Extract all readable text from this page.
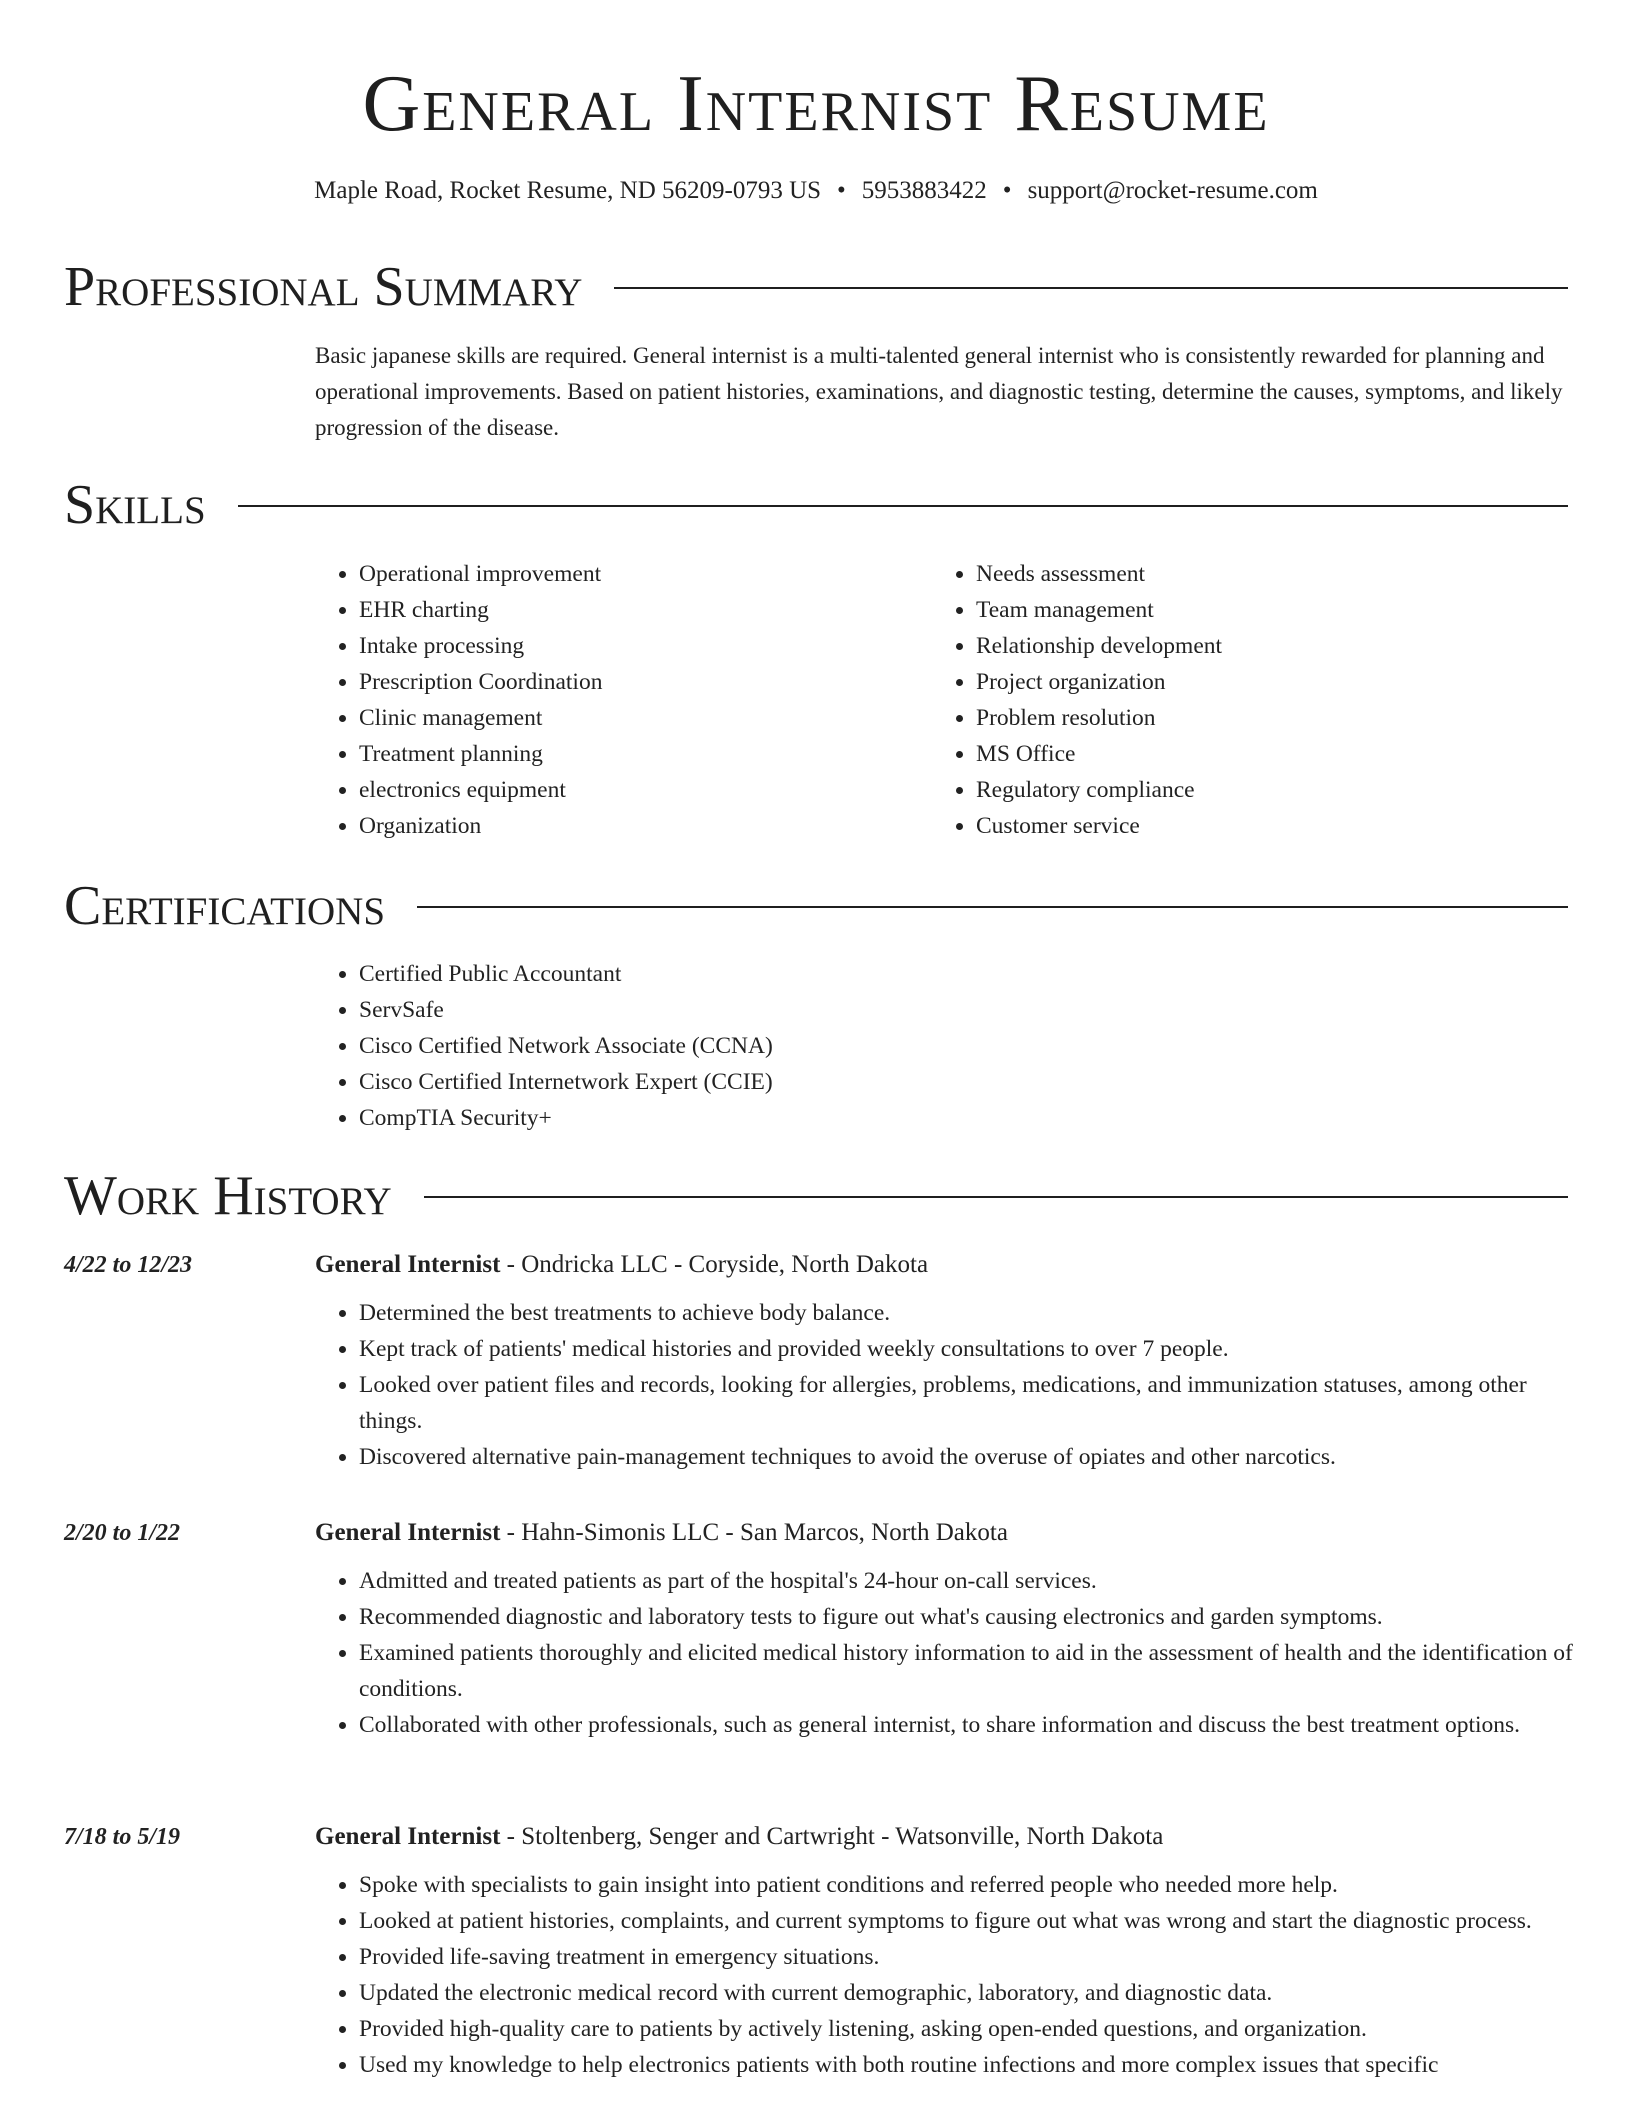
General Internist Resume
Maple Road, Rocket Resume, ND 56209-0793 US • 5953883422 • support@rocket-resume.com
Professional Summary
Basic japanese skills are required. General internist is a multi-talented general internist who is consistently rewarded for planning and operational improvements. Based on patient histories, examinations, and diagnostic testing, determine the causes, symptoms, and likely progression of the disease.
Skills
• Operational improvement
• EHR charting
• Intake processing
• Prescription Coordination
• Clinic management
• Treatment planning
• electronics equipment
• Organization
• Needs assessment
• Team management
• Relationship development
• Project organization
• Problem resolution
• MS Office
• Regulatory compliance
• Customer service
Certifications
• Certified Public Accountant
• ServSafe
• Cisco Certified Network Associate (CCNA)
• Cisco Certified Internetwork Expert (CCIE)
• CompTIA Security+
Work History
4/22 to 12/23	General Internist - Ondricka LLC - Coryside, North Dakota
• Determined the best treatments to achieve body balance.
• Kept track of patients' medical histories and provided weekly consultations to over 7 people.
• Looked over patient files and records, looking for allergies, problems, medications, and immunization statuses, among other things.
• Discovered alternative pain-management techniques to avoid the overuse of opiates and other narcotics.
2/20 to 1/22	General Internist - Hahn-Simonis LLC - San Marcos, North Dakota
• Admitted and treated patients as part of the hospital's 24-hour on-call services.
• Recommended diagnostic and laboratory tests to figure out what's causing electronics and garden symptoms.
• Examined patients thoroughly and elicited medical history information to aid in the assessment of health and the identification of conditions.
• Collaborated with other professionals, such as general internist, to share information and discuss the best treatment options.
7/18 to 5/19	General Internist - Stoltenberg, Senger and Cartwright - Watsonville, North Dakota
• Spoke with specialists to gain insight into patient conditions and referred people who needed more help.
• Looked at patient histories, complaints, and current symptoms to figure out what was wrong and start the diagnostic process.
• Provided life-saving treatment in emergency situations.
• Updated the electronic medical record with current demographic, laboratory, and diagnostic data.
• Provided high-quality care to patients by actively listening, asking open-ended questions, and organization.
• Used my knowledge to help electronics patients with both routine infections and more complex issues that specific
